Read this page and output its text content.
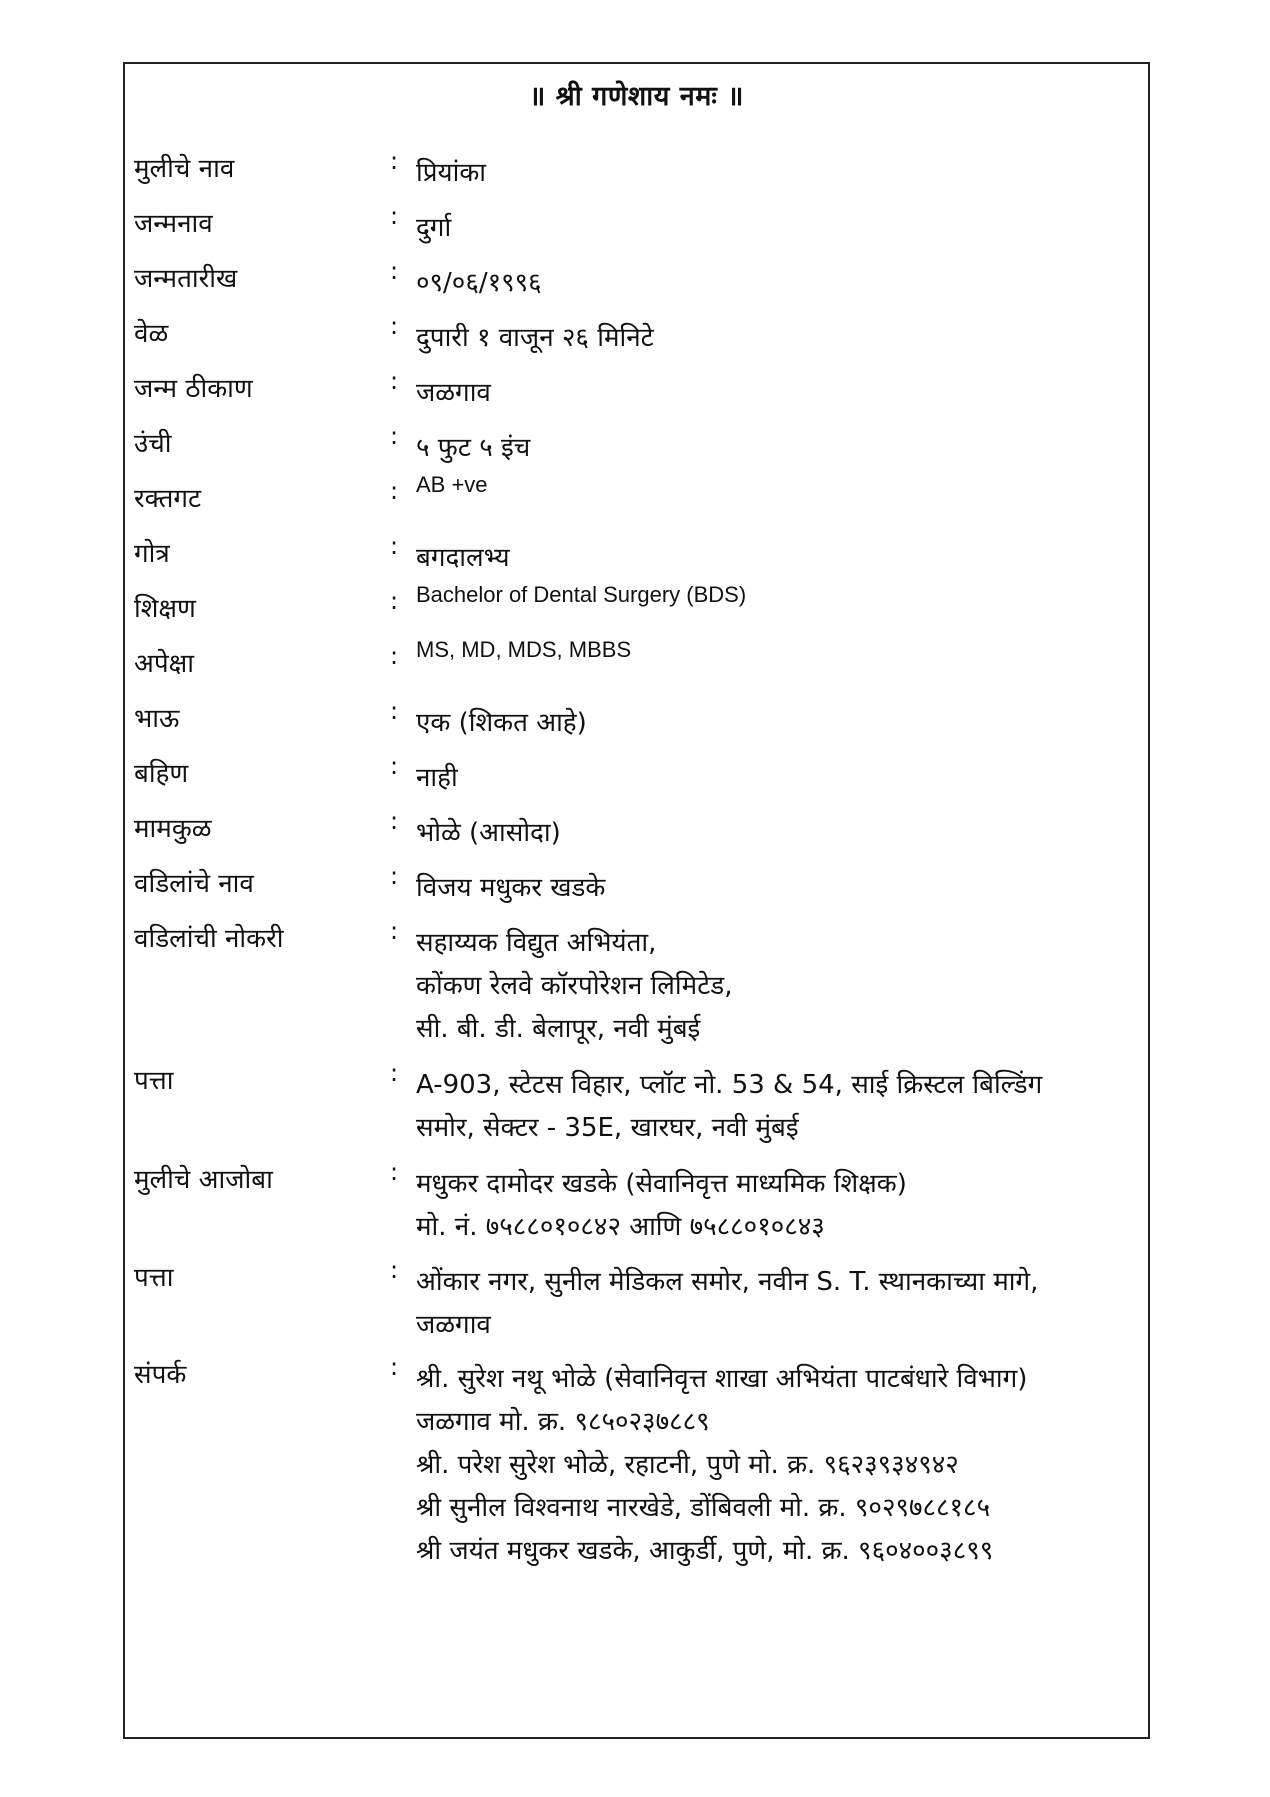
॥ श्री गणेशाय नमः ॥
मुलीचे नाव	: प्रियांका
जन्मनाव	: दुर्गा
जन्मतारीख	: ०९/०६/१९९६
वेळ	: दुपारी १ वाजून २६ मिनिटे
जन्म ठीकाण	: जळगाव
उंची	: ५ फुट ५ इंच
रक्तगट	: AB +ve
गोत्र	: बगदालभ्य
शिक्षण	: Bachelor of Dental Surgery (BDS)
अपेक्षा	: MS, MD, MDS, MBBS
भाऊ	: एक (शिकत आहे)
बहिण	: नाही
मामकुळ	: भोळे (आसोदा)
वडिलांचे नाव	: विजय मधुकर खडके
वडिलांची नोकरी	: सहाय्यक विद्युत अभियंता,
कोंकण रेलवे कॉरपोरेशन लिमिटेड,
सी. बी. डी. बेलापूर, नवी मुंबई
पत्ता	: A-903, स्टेटस विहार, प्लॉट नो. 53 & 54, साई क्रिस्टल बिल्डिंग
समोर, सेक्टर - 35E, खारघर, नवी मुंबई
मुलीचे आजोबा	: मधुकर दामोदर खडके (सेवानिवृत्त माध्यमिक शिक्षक)
मो. नं. ७५८८०१०८४२ आणि ७५८८०१०८४३
पत्ता	: ओंकार नगर, सुनील मेडिकल समोर, नवीन S. T. स्थानकाच्या मागे,
जळगाव
संपर्क	: श्री. सुरेश नथू भोळे (सेवानिवृत्त शाखा अभियंता पाटबंधारे विभाग)
जळगाव मो. क्र. ९८५०२३७८८९
श्री. परेश सुरेश भोळे, रहाटनी, पुणे मो. क्र. ९६२३९३४९४२
श्री सुनील विश्वनाथ नारखेडे, डोंबिवली मो. क्र. ९०२९७८८१८५
श्री जयंत मधुकर खडके, आकुर्डी, पुणे, मो. क्र. ९६०४००३८९९
